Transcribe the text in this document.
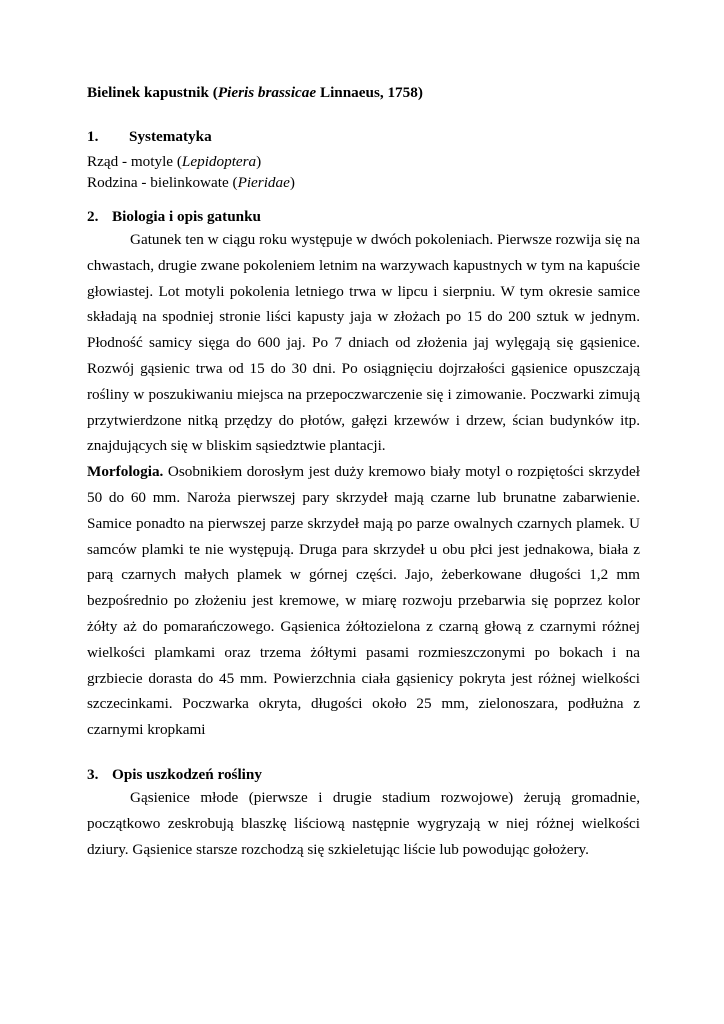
Bielinek kapustnik (Pieris brassicae Linnaeus, 1758)

1.	Systematyka

Rząd - motyle (Lepidoptera)

Rodzina - bielinkowate (Pieridae)

2. Biologia i opis gatunku

Gatunek ten w ciągu roku występuje w dwóch pokoleniach. Pierwsze rozwija się na chwastach, drugie zwane pokoleniem letnim na warzywach kapustnych w tym na kapuście głowiastej. Lot motyli pokolenia letniego trwa w lipcu i sierpniu. W tym okresie samice składają na spodniej stronie liści kapusty jaja w złożach po 15 do 200 sztuk w jednym. Płodność samicy sięga do 600 jaj. Po 7 dniach od złożenia jaj wylęgają się gąsienice. Rozwój gąsienic trwa od 15 do 30 dni. Po osiągnięciu dojrzałości gąsienice opuszczają rośliny w poszukiwaniu miejsca na przepoczwarczenie się i zimowanie. Poczwarki zimują przytwierdzone nitką przędzy do płotów, gałęzi krzewów i drzew, ścian budynków itp. znajdujących się w bliskim sąsiedztwie plantacji.

Morfologia. Osobnikiem dorosłym jest duży kremowo biały motyl o rozpiętości skrzydeł 50 do 60 mm. Naroża pierwszej pary skrzydeł mają czarne lub brunatne zabarwienie. Samice ponadto na pierwszej parze skrzydeł mają po parze owalnych czarnych plamek. U samców plamki te nie występują. Druga para skrzydeł u obu płci jest jednakowa, biała z parą czarnych małych plamek w górnej części. Jajo, żeberkowane długości 1,2 mm bezpośrednio po złożeniu jest kremowe, w miarę rozwoju przebarwia się poprzez kolor żółty aż do pomarańczowego. Gąsienica żółtozielona z czarną głową z czarnymi różnej wielkości plamkami oraz trzema żółtymi pasami rozmieszczonymi po bokach i na grzbiecie dorasta do 45 mm. Powierzchnia ciała gąsienicy pokryta jest różnej wielkości szczecinkami. Poczwarka okryta, długości około 25 mm, zielonoszara, podłużna z czarnymi kropkami

3. Opis uszkodzeń rośliny

Gąsienice młode (pierwsze i drugie stadium rozwojowe) żerują gromadnie, początkowo zeskrobują blaszkę liściową następnie wygryzają w niej różnej wielkości dziury. Gąsienice starsze rozchodzą się szkieletując liście lub powodując gołożery.
